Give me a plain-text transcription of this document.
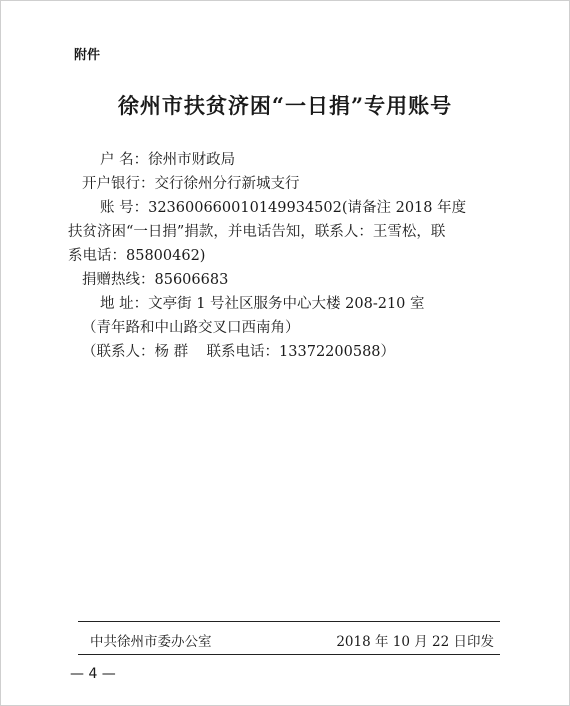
附件
徐州市扶贫济困“一日捐”专用账号
户 名：徐州市财政局
开户银行：交行徐州分行新城支行
账 号：32360066001014993450‌2(请备注 2018 年度
扶贫济困“一日捐”捐款，并电话告知，联系人：王雪松，联
系电话：85800462)
捐赠热线：85606683
地 址：文亭街 1 号社区服务中心大楼 208-210 室
（青年路和中山路交叉口西南角）
（联系人：杨 群    联系电话：13372200588）
中共徐州市委办公室	2018 年 10 月 22 日印发
— 4 —
